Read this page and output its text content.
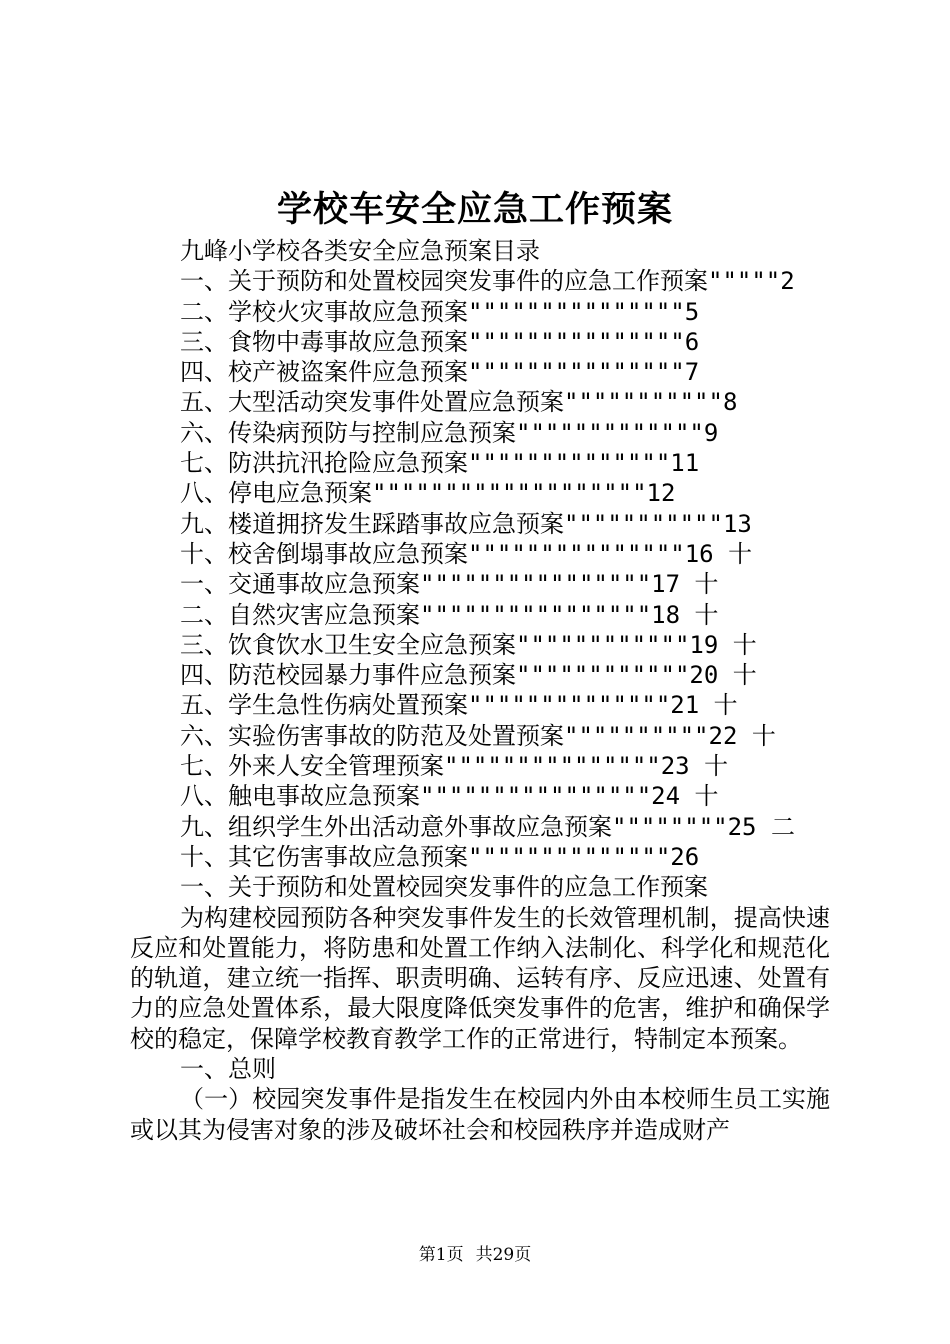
学校车安全应急工作预案
九峰小学校各类安全应急预案目录
一、关于预防和处置校园突发事件的应急工作预案"""""2
二、学校火灾事故应急预案"""""""""""""""5
三、食物中毒事故应急预案"""""""""""""""6
四、校产被盗案件应急预案"""""""""""""""7
五、大型活动突发事件处置应急预案"""""""""""8
六、传染病预防与控制应急预案"""""""""""""9
七、防洪抗汛抢险应急预案""""""""""""""11
八、停电应急预案"""""""""""""""""""12
九、楼道拥挤发生踩踏事故应急预案"""""""""""13
十、校舍倒塌事故应急预案"""""""""""""""16 十
一、交通事故应急预案""""""""""""""""17 十
二、自然灾害应急预案""""""""""""""""18 十
三、饮食饮水卫生安全应急预案""""""""""""19 十
四、防范校园暴力事件应急预案""""""""""""20 十
五、学生急性伤病处置预案""""""""""""""21 十
六、实验伤害事故的防范及处置预案""""""""""22 十
七、外来人安全管理预案"""""""""""""""23 十
八、触电事故应急预案""""""""""""""""24 十
九、组织学生外出活动意外事故应急预案""""""""25 二
十、其它伤害事故应急预案""""""""""""""26
一、关于预防和处置校园突发事件的应急工作预案
为构建校园预防各种突发事件发生的长效管理机制，提高快速反应和处置能力，将防患和处置工作纳入法制化、科学化和规范化的轨道，建立统一指挥、职责明确、运转有序、反应迅速、处置有力的应急处置体系，最大限度降低突发事件的危害，维护和确保学校的稳定，保障学校教育教学工作的正常进行，特制定本预案。
一、总则
（一）校园突发事件是指发生在校园内外由本校师生员工实施或以其为侵害对象的涉及破坏社会和校园秩序并造成财产
第1页 共29页
